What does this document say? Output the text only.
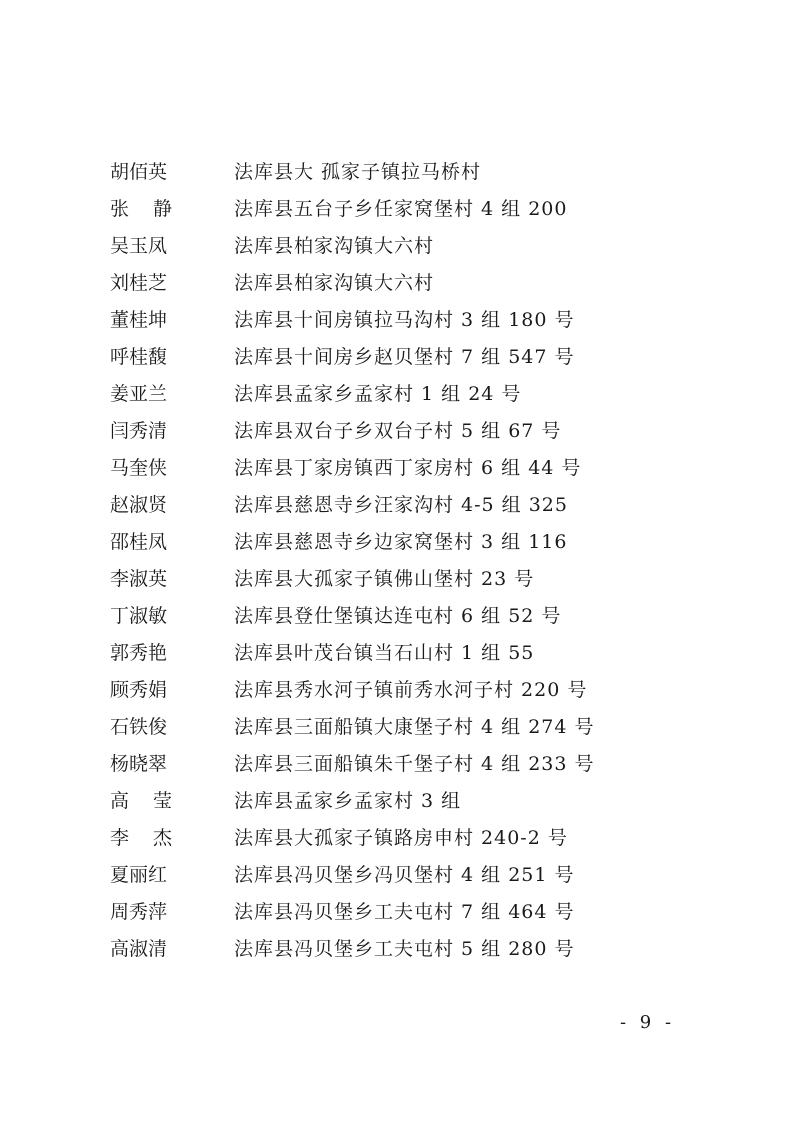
胡佰英	法库县大 孤家子镇拉马桥村
张 静	法库县五台子乡任家窝堡村 4 组 200
吴玉凤	法库县柏家沟镇大六村
刘桂芝	法库县柏家沟镇大六村
董桂坤	法库县十间房镇拉马沟村 3 组 180 号
呼桂馥	法库县十间房乡赵贝堡村 7 组 547 号
姜亚兰	法库县孟家乡孟家村 1 组 24 号
闫秀清	法库县双台子乡双台子村 5 组 67 号
马奎侠	法库县丁家房镇西丁家房村 6 组 44 号
赵淑贤	法库县慈恩寺乡汪家沟村 4-5 组 325
邵桂凤	法库县慈恩寺乡边家窝堡村 3 组 116
李淑英	法库县大孤家子镇佛山堡村 23 号
丁淑敏	法库县登仕堡镇达连屯村 6 组 52 号
郭秀艳	法库县叶茂台镇当石山村 1 组 55
顾秀娟	法库县秀水河子镇前秀水河子村 220 号
石铁俊	法库县三面船镇大康堡子村 4 组 274 号
杨晓翠	法库县三面船镇朱千堡子村 4 组 233 号
高 莹	法库县孟家乡孟家村 3 组
李 杰	法库县大孤家子镇路房申村 240-2 号
夏丽红	法库县冯贝堡乡冯贝堡村 4 组 251 号
周秀萍	法库县冯贝堡乡工夫屯村 7 组 464 号
高淑清	法库县冯贝堡乡工夫屯村 5 组 280 号
- 9 -
